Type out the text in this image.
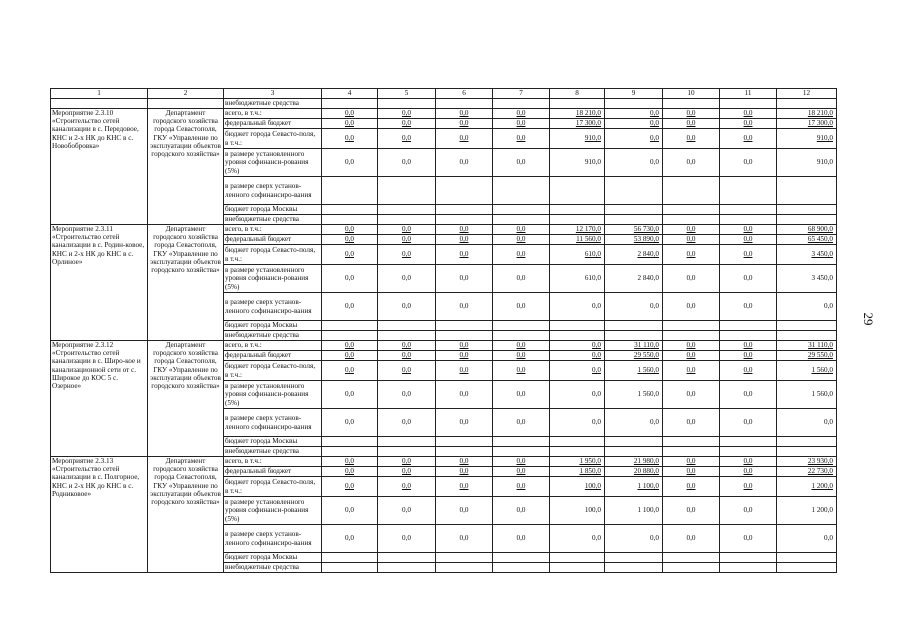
1	2	3	4	5	6	7	8	9	10	11	12
		внебюджетные средства									
Мероприятие 2.3.10 «Строительство сетей канализации в с. Передовое, КНС и 2-х НК до КНС в с. Новобобровка»	Департамент городского хозяйства города Севастополя, ГКУ «Управление по эксплуатации объектов городского хозяйства»	всего, в т.ч.:	0,0	0,0	0,0	0,0	18 210,0	0,0	0,0	0,0	18 210,0
		федеральный бюджет	0,0	0,0	0,0	0,0	17 300,0	0,0	0,0	0,0	17 300,0
		бюджет города Севасто-поля, в т.ч.:	0,0	0,0	0,0	0,0	910,0	0,0	0,0	0,0	910,0
		в размере установленного уровня софинанси-рования (5%)	0,0	0,0	0,0	0,0	910,0	0,0	0,0	0,0	910,0
		в размере сверх установ-ленного софинансиро-вания									
		бюджет города Москвы									
		внебюджетные средства									
Мероприятие 2.3.11 «Строительство сетей канализации в с. Родин-ковое, КНС и 2-х НК до КНС в с. Орлиное»	Департамент городского хозяйства города Севастополя, ГКУ «Управление по эксплуатации объектов городского хозяйства»	всего, в т.ч.:	0,0	0,0	0,0	0,0	12 170,0	56 730,0	0,0	0,0	68 900,0
		федеральный бюджет	0,0	0,0	0,0	0,0	11 560,0	53 890,0	0,0	0,0	65 450,0
		бюджет города Севасто-поля, в т.ч.:	0,0	0,0	0,0	0,0	610,0	2 840,0	0,0	0,0	3 450,0
		в размере установленного уровня софинанси-рования (5%)	0,0	0,0	0,0	0,0	610,0	2 840,0	0,0	0,0	3 450,0
		в размере сверх установ-ленного софинансиро-вания	0,0	0,0	0,0	0,0	0,0	0,0	0,0	0,0	0,0
		бюджет города Москвы									
		внебюджетные средства									
Мероприятие 2.3.12 «Строительство сетей канализации в с. Широ-кое и канализационной сети от с. Широкое до КОС 5 с. Озерное»	Департамент городского хозяйства города Севастополя, ГКУ «Управление по эксплуатации объектов городского хозяйства»	всего, в т.ч.:	0,0	0,0	0,0	0,0	0,0	31 110,0	0,0	0,0	31 110,0
		федеральный бюджет	0,0	0,0	0,0	0,0	0,0	29 550,0	0,0	0,0	29 550,0
		бюджет города Севасто-поля, в т.ч.:	0,0	0,0	0,0	0,0	0,0	1 560,0	0,0	0,0	1 560,0
		в размере установленного уровня софинанси-рования (5%)	0,0	0,0	0,0	0,0	0,0	1 560,0	0,0	0,0	1 560,0
		в размере сверх установ-ленного софинансиро-вания	0,0	0,0	0,0	0,0	0,0	0,0	0,0	0,0	0,0
		бюджет города Москвы									
		внебюджетные средства									
Мероприятие 2.3.13 «Строительство сетей канализации в с. Полгорное, КНС и 2-х НК до КНС в с. Родниковое»	Департамент городского хозяйства города Севастополя, ГКУ «Управление по эксплуатации объектов городского хозяйства»	всего, в т.ч.:	0,0	0,0	0,0	0,0	1 950,0	21 980,0	0,0	0,0	23 930,0
		федеральный бюджет	0,0	0,0	0,0	0,0	1 850,0	20 880,0	0,0	0,0	22 730,0
		бюджет города Севасто-поля, в т.ч.:	0,0	0,0	0,0	0,0	100,0	1 100,0	0,0	0,0	1 200,0
		в размере установленного уровня софинанси-рования (5%)	0,0	0,0	0,0	0,0	100,0	1 100,0	0,0	0,0	1 200,0
		в размере сверх установ-ленного софинансиро-вания	0,0	0,0	0,0	0,0	0,0	0,0	0,0	0,0	0,0
		бюджет города Москвы									
		внебюджетные средства									
29
